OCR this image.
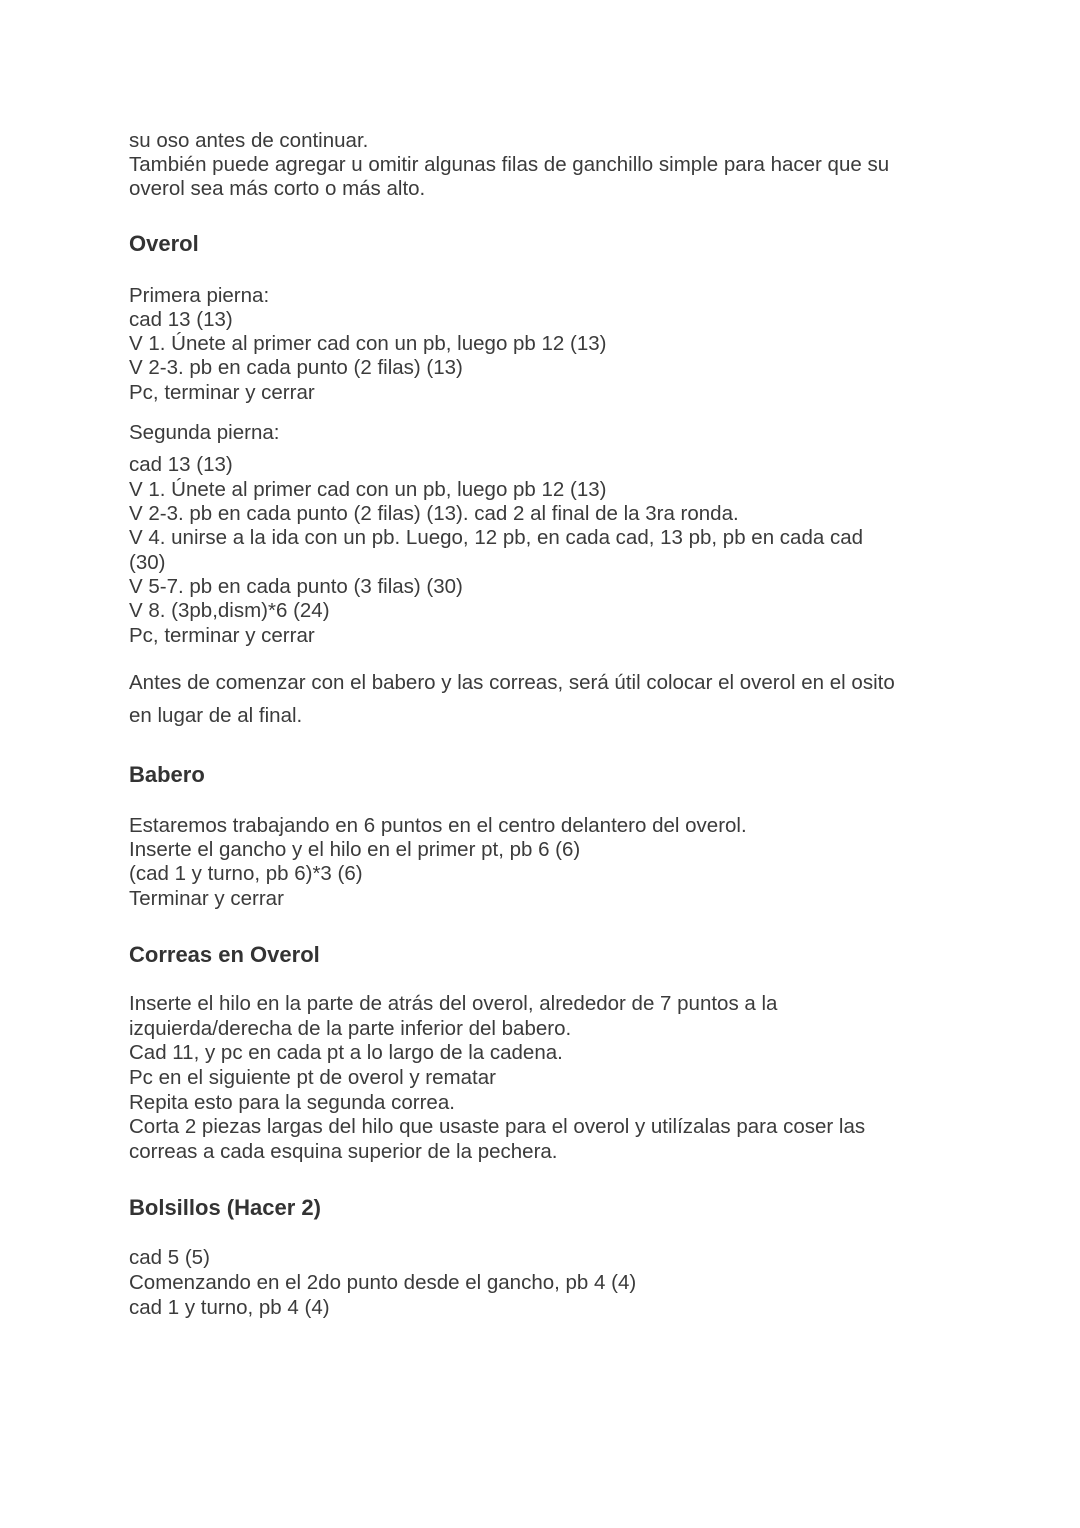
su oso antes de continuar.
También puede agregar u omitir algunas filas de ganchillo simple para hacer que su
overol sea más corto o más alto.
Overol
Primera pierna:
cad 13 (13)
V 1. Únete al primer cad con un pb, luego pb 12 (13)
V 2-3. pb en cada punto (2 filas) (13)
Pc, terminar y cerrar
Segunda pierna:
cad 13 (13)
V 1. Únete al primer cad con un pb, luego pb 12 (13)
V 2-3. pb en cada punto (2 filas) (13). cad 2 al final de la 3ra ronda.
V 4. unirse a la ida con un pb. Luego, 12 pb, en cada cad, 13 pb, pb en cada cad
(30)
V 5-7. pb en cada punto (3 filas) (30)
V 8. (3pb,dism)*6 (24)
Pc, terminar y cerrar
Antes de comenzar con el babero y las correas, será útil colocar el overol en el osito
en lugar de al final.
Babero
Estaremos trabajando en 6 puntos en el centro delantero del overol.
Inserte el gancho y el hilo en el primer pt, pb 6 (6)
(cad 1 y turno, pb 6)*3 (6)
Terminar y cerrar
Correas en Overol
Inserte el hilo en la parte de atrás del overol, alrededor de 7 puntos a la
izquierda/derecha de la parte inferior del babero.
Cad 11, y pc en cada pt a lo largo de la cadena.
Pc en el siguiente pt de overol y rematar
Repita esto para la segunda correa.
Corta 2 piezas largas del hilo que usaste para el overol y utilízalas para coser las
correas a cada esquina superior de la pechera.
Bolsillos (Hacer 2)
cad 5 (5)
Comenzando en el 2do punto desde el gancho, pb 4 (4)
cad 1 y turno, pb 4 (4)
